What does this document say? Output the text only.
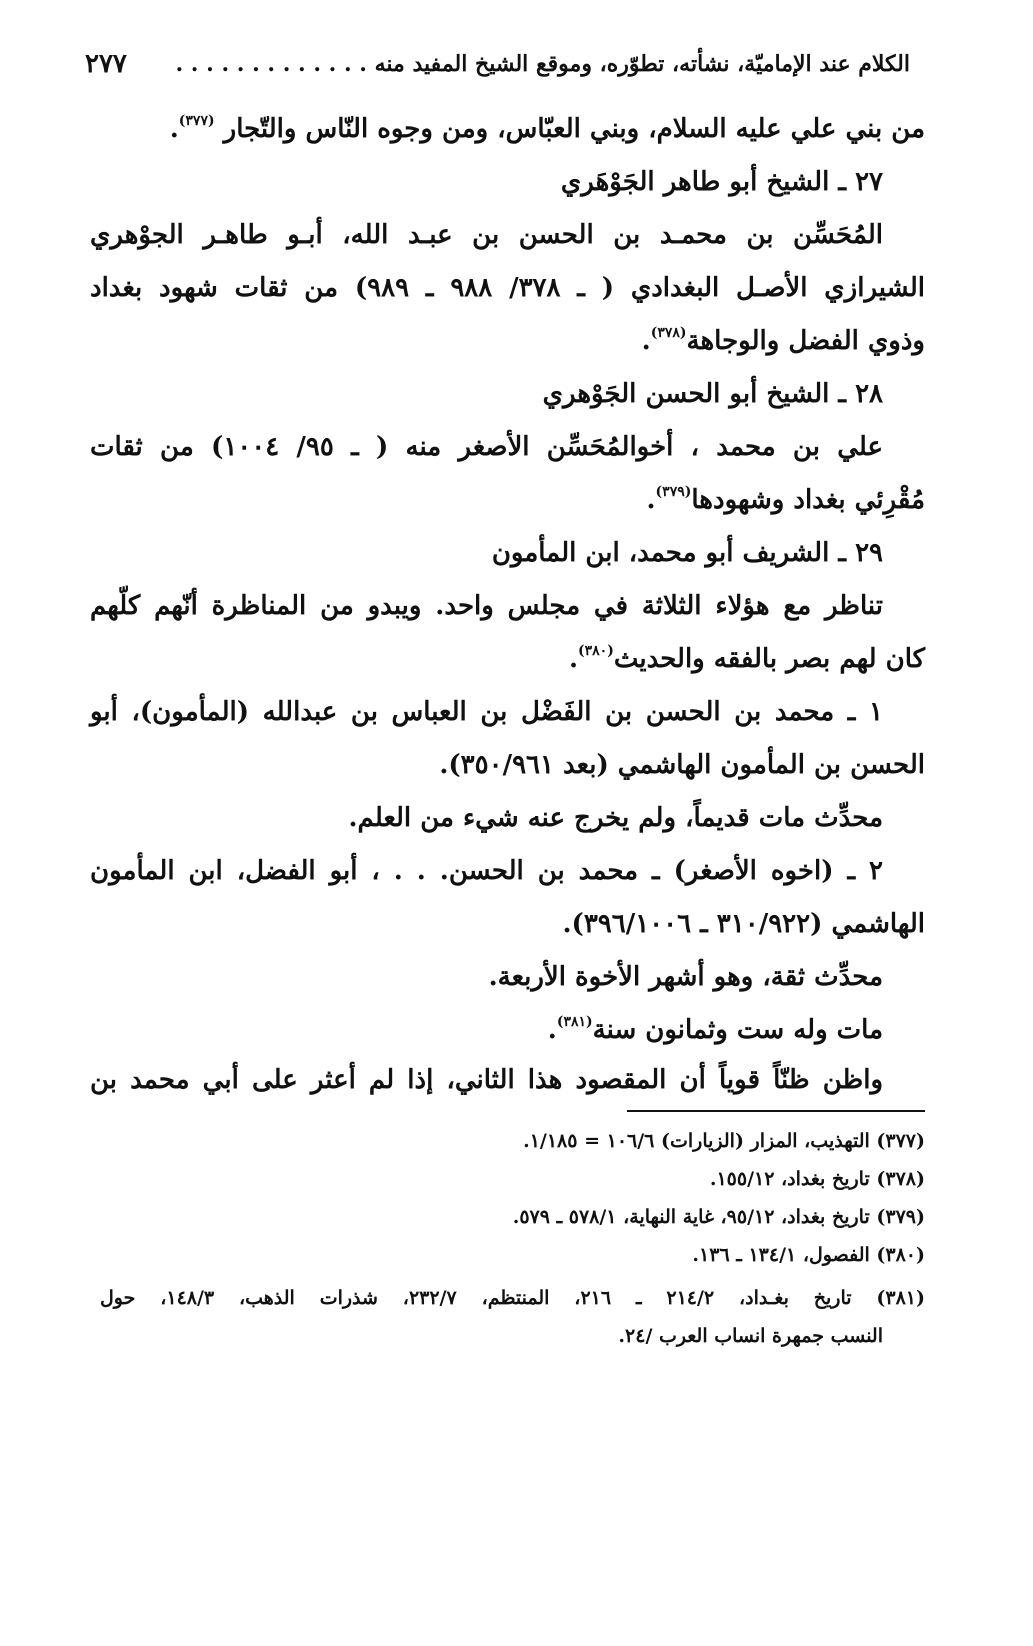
٢٧٧ الكلام عند الإماميّة، نشأته، تطوّره، وموقع الشيخ المفيد منه . . . . . . . . . . . . .
من بني علي عليه السلام، وبني العبّاس، ومن وجوه النّاس والتّجار $^{(٣٧٧)}$.
٢٧ ـ الشيخ أبو طاهر الجَوْهَري
المُحَسِّن بن محمـد بن الحسن بن عبـد الله، أبـو طاهـر الجوْهري
الشيرازي الأصـل البغدادي ( ـ ٣٧٨/ ٩٨٨ ـ ٩٨٩) من ثقات شهود بغداد
وذوي الفضل والوجاهة$^{(٣٧٨)}$.
٢٨ ـ الشيخ أبو الحسن الجَوْهري
علي بن محمد ، أخوالمُحَسِّن الأصغر منه ( ـ ٩٥/ ١٠٠٤) من ثقات
مُقْرِئي بغداد وشهودها$^{(٣٧٩)}$.
٢٩ ـ الشريف أبو محمد، ابن المأمون
تناظر مع هؤلاء الثلاثة في مجلس واحد. ويبدو من المناظرة أنّهم كلّهم
كان لهم بصر بالفقه والحديث$^{(٣٨٠)}$.
١ ـ محمد بن الحسن بن الفَضْل بن العباس بن عبدالله (المأمون)، أبو
الحسن بن المأمون الهاشمي (بعد ٣٥٠/٩٦١).
محدِّث مات قديماً، ولم يخرج عنه شيء من العلم.
٢ ـ (اخوه الأصغر) ـ محمد بن الحسن. . . ، أبو الفضل، ابن المأمون
الهاشمي (٣١٠/٩٢٢ ـ ٣٩٦/١٠٠٦).
محدِّث ثقة، وهو أشهر الأخوة الأربعة.
مات وله ست وثمانون سنة$^{(٣٨١)}$.
واظن ظنّاً قوياً أن المقصود هذا الثاني، إذا لم أعثر على أبي محمد بن
(٣٧٧) التهذيب، المزار (الزيارات) ١٠٦/٦ = ١/١٨٥.
(٣٧٨) تاريخ بغداد، ١٥٥/١٢.
(٣٧٩) تاريخ بغداد، ٩٥/١٢، غاية النهاية، ٥٧٨/١ ـ ٥٧٩.
(٣٨٠) الفصول، ١٣٤/١ ـ ١٣٦.
(٣٨١) تاريخ بغـداد، ٢١٤/٢ ـ ٢١٦، المنتظم، ٢٣٢/٧، شذرات الذهب، ١٤٨/٣، حول
النسب جمهرة انساب العرب /٢٤.
